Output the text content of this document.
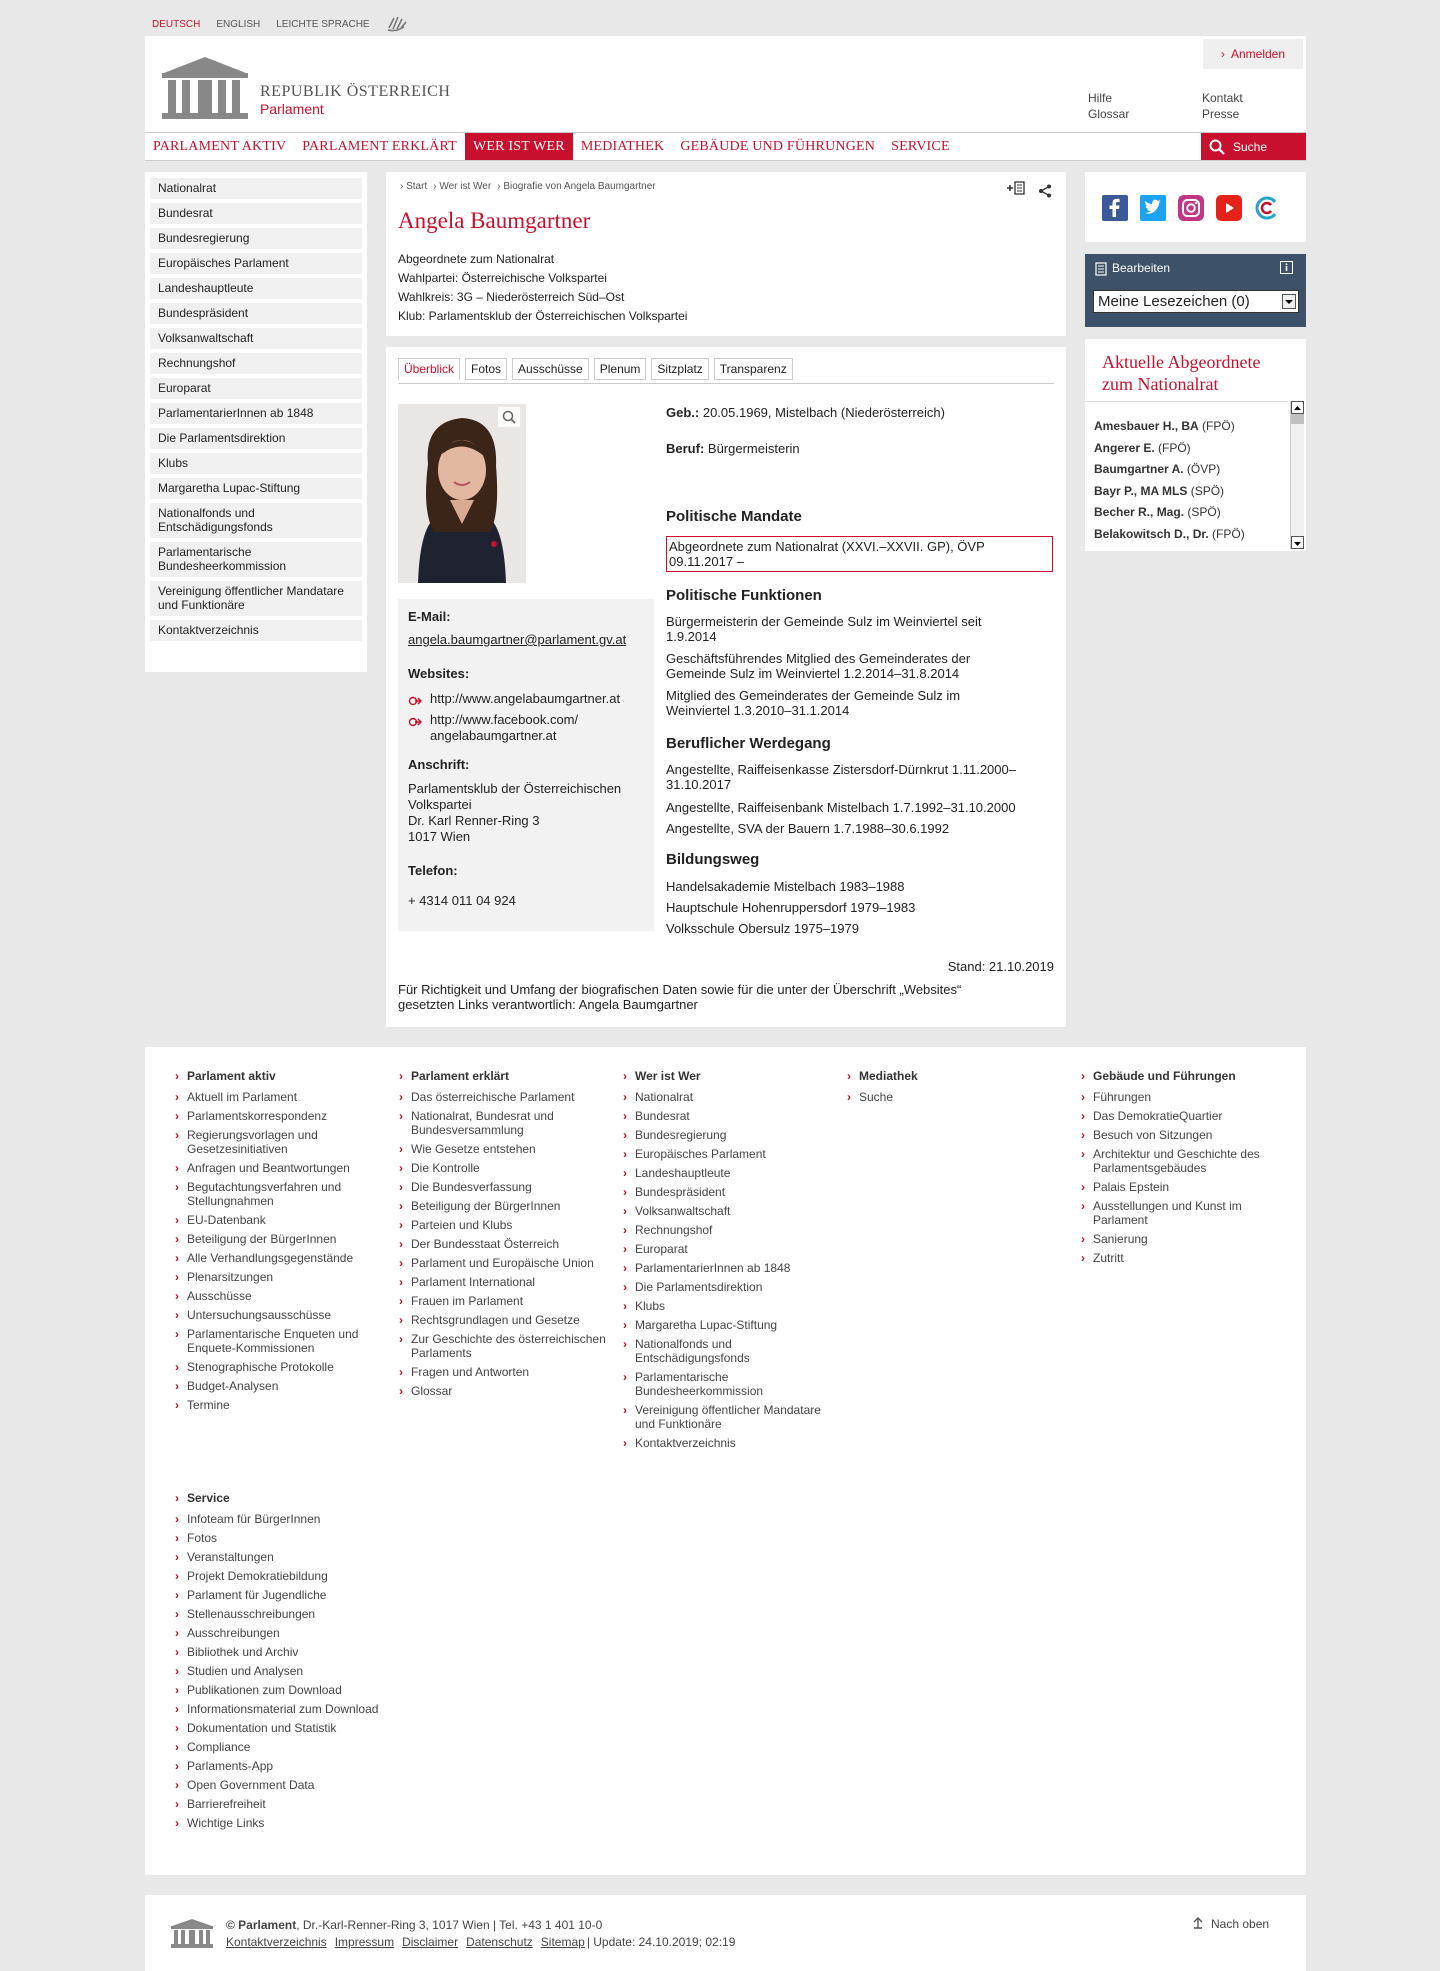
DEUTSCH ENGLISH LEICHTE SPRACHE
REPUBLIK ÖSTERREICH
Parlament
› Anmelden
Hilfe
Glossar
Kontakt
Presse
PARLAMENT AKTIV	PARLAMENT ERKLÄRT	WER IST WER	MEDIATHEK	GEBÄUDE UND FÜHRUNGEN	SERVICE	Suche
Nationalrat
Bundesrat
Bundesregierung
Europäisches Parlament
Landeshauptleute
Bundespräsident
Volksanwaltschaft
Rechnungshof
Europarat
ParlamentarierInnen ab 1848
Die Parlamentsdirektion
Klubs
Margaretha Lupac-Stiftung
Nationalfonds und Entschädigungsfonds
Parlamentarische Bundesheerkommission
Vereinigung öffentlicher Mandatare und Funktionäre
Kontaktverzeichnis
› Start › Wer ist Wer › Biografie von Angela Baumgartner
Angela Baumgartner
Abgeordnete zum Nationalrat
Wahlpartei: Österreichische Volkspartei
Wahlkreis: 3G – Niederösterreich Süd–Ost
Klub: Parlamentsklub der Österreichischen Volkspartei
Überblick	Fotos	Ausschüsse	Plenum	Sitzplatz	Transparenz
E-Mail:
angela.baumgartner@parlament.gv.at
Websites:
http://www.angelabaumgartner.at
http://www.facebook.com/
angelabaumgartner.at
Anschrift:
Parlamentsklub der Österreichischen
Volkspartei
Dr. Karl Renner-Ring 3
1017 Wien
Telefon:
+ 4314 011 04 924
Geb.: 20.05.1969, Mistelbach (Niederösterreich)
Beruf: Bürgermeisterin
Politische Mandate
Abgeordnete zum Nationalrat (XXVI.–XXVII. GP), ÖVP
09.11.2017 –
Politische Funktionen
Bürgermeisterin der Gemeinde Sulz im Weinviertel seit
1.9.2014
Geschäftsführendes Mitglied des Gemeinderates der
Gemeinde Sulz im Weinviertel 1.2.2014–31.8.2014
Mitglied des Gemeinderates der Gemeinde Sulz im
Weinviertel 1.3.2010–31.1.2014
Beruflicher Werdegang
Angestellte, Raiffeisenkasse Zistersdorf-Dürnkrut 1.11.2000–
31.10.2017
Angestellte, Raiffeisenbank Mistelbach 1.7.1992–31.10.2000
Angestellte, SVA der Bauern 1.7.1988–30.6.1992
Bildungsweg
Handelsakademie Mistelbach 1983–1988
Hauptschule Hohenruppersdorf 1979–1983
Volksschule Obersulz 1975–1979
Stand: 21.10.2019
Für Richtigkeit und Umfang der biografischen Daten sowie für die unter der Überschrift „Websites“
gesetzten Links verantwortlich: Angela Baumgartner
Bearbeiten
Meine Lesezeichen (0)
Aktuelle Abgeordnete
zum Nationalrat
Amesbauer H., BA (FPÖ)
Angerer E. (FPÖ)
Baumgartner A. (ÖVP)
Bayr P., MA MLS (SPÖ)
Becher R., Mag. (SPÖ)
Belakowitsch D., Dr. (FPÖ)
› Parlament aktiv
› Aktuell im Parlament
› Parlamentskorrespondenz
› Regierungsvorlagen und Gesetzesinitiativen
› Anfragen und Beantwortungen
› Begutachtungsverfahren und Stellungnahmen
› EU-Datenbank
› Beteiligung der BürgerInnen
› Alle Verhandlungsgegenstände
› Plenarsitzungen
› Ausschüsse
› Untersuchungsausschüsse
› Parlamentarische Enqueten und Enquete-Kommissionen
› Stenographische Protokolle
› Budget-Analysen
› Termine
› Parlament erklärt
› Das österreichische Parlament
› Nationalrat, Bundesrat und Bundesversammlung
› Wie Gesetze entstehen
› Die Kontrolle
› Die Bundesverfassung
› Beteiligung der BürgerInnen
› Parteien und Klubs
› Der Bundesstaat Österreich
› Parlament und Europäische Union
› Parlament International
› Frauen im Parlament
› Rechtsgrundlagen und Gesetze
› Zur Geschichte des österreichischen Parlaments
› Fragen und Antworten
› Glossar
› Wer ist Wer
› Nationalrat
› Bundesrat
› Bundesregierung
› Europäisches Parlament
› Landeshauptleute
› Bundespräsident
› Volksanwaltschaft
› Rechnungshof
› Europarat
› ParlamentarierInnen ab 1848
› Die Parlamentsdirektion
› Klubs
› Margaretha Lupac-Stiftung
› Nationalfonds und Entschädigungsfonds
› Parlamentarische Bundesheerkommission
› Vereinigung öffentlicher Mandatare und Funktionäre
› Kontaktverzeichnis
› Mediathek
› Suche
› Gebäude und Führungen
› Führungen
› Das DemokratieQuartier
› Besuch von Sitzungen
› Architektur und Geschichte des Parlamentsgebäudes
› Palais Epstein
› Ausstellungen und Kunst im Parlament
› Sanierung
› Zutritt
› Service
› Infoteam für BürgerInnen
› Fotos
› Veranstaltungen
› Projekt Demokratiebildung
› Parlament für Jugendliche
› Stellenausschreibungen
› Ausschreibungen
› Bibliothek und Archiv
› Studien und Analysen
› Publikationen zum Download
› Informationsmaterial zum Download
› Dokumentation und Statistik
› Compliance
› Parlaments-App
› Open Government Data
› Barrierefreiheit
› Wichtige Links
© Parlament, Dr.-Karl-Renner-Ring 3, 1017 Wien | Tel. +43 1 401 10-0
Kontaktverzeichnis Impressum Disclaimer Datenschutz Sitemap | Update: 24.10.2019; 02:19
Nach oben
